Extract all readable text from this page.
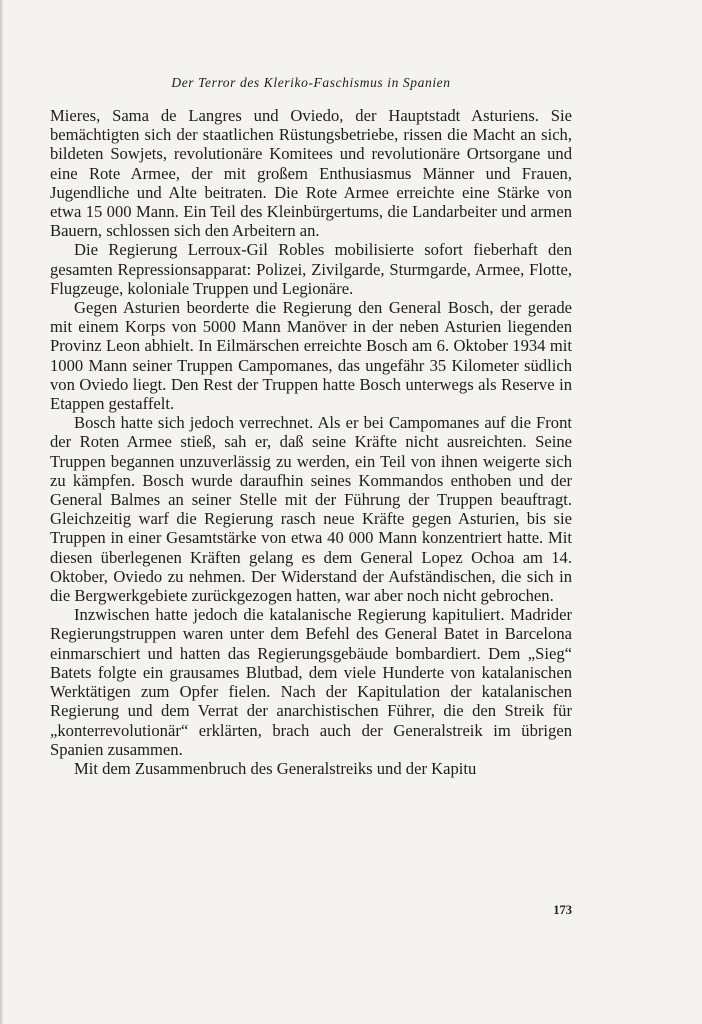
Der Terror des Kleriko-Faschismus in Spanien

Mieres, Sama de Langres und Oviedo, der Hauptstadt Asturiens. Sie bemächtigten sich der staatlichen Rüstungsbetriebe, rissen die Macht an sich, bildeten Sowjets, revolutionäre Komitees und revolutionäre Ortsorgane und eine Rote Armee, der mit großem Enthusiasmus Männer und Frauen, Jugendliche und Alte beitraten. Die Rote Armee erreichte eine Stärke von etwa 15 000 Mann. Ein Teil des Kleinbürgertums, die Landarbeiter und armen Bauern, schlossen sich den Arbeitern an.

Die Regierung Lerroux-Gil Robles mobilisierte sofort fieberhaft den gesamten Repressionsapparat: Polizei, Zivilgarde, Sturmgarde, Armee, Flotte, Flugzeuge, koloniale Truppen und Legionäre.

Gegen Asturien beorderte die Regierung den General Bosch, der gerade mit einem Korps von 5000 Mann Manöver in der neben Asturien liegenden Provinz Leon abhielt. In Eilmärschen erreichte Bosch am 6. Oktober 1934 mit 1000 Mann seiner Truppen Campomanes, das ungefähr 35 Kilometer südlich von Oviedo liegt. Den Rest der Truppen hatte Bosch unterwegs als Reserve in Etappen gestaffelt.

Bosch hatte sich jedoch verrechnet. Als er bei Campomanes auf die Front der Roten Armee stieß, sah er, daß seine Kräfte nicht ausreichten. Seine Truppen begannen unzuverlässig zu werden, ein Teil von ihnen weigerte sich zu kämpfen. Bosch wurde daraufhin seines Kommandos enthoben und der General Balmes an seiner Stelle mit der Führung der Truppen beauftragt. Gleichzeitig warf die Regierung rasch neue Kräfte gegen Asturien, bis sie Truppen in einer Gesamtstärke von etwa 40 000 Mann konzentriert hatte. Mit diesen überlegenen Kräften gelang es dem General Lopez Ochoa am 14. Oktober, Oviedo zu nehmen. Der Widerstand der Aufständischen, die sich in die Bergwerkgebiete zurückgezogen hatten, war aber noch nicht gebrochen.

Inzwischen hatte jedoch die katalanische Regierung kapituliert. Madrider Regierungstruppen waren unter dem Befehl des General Batet in Barcelona einmarschiert und hatten das Regierungsgebäude bombardiert. Dem „Sieg“ Batets folgte ein grausames Blutbad, dem viele Hunderte von katalanischen Werktätigen zum Opfer fielen. Nach der Kapitulation der katalanischen Regierung und dem Verrat der anarchistischen Führer, die den Streik für „konterrevolutionär“ erklärten, brach auch der Generalstreik im übrigen Spanien zusammen.

Mit dem Zusammenbruch des Generalstreiks und der Kapitu

173
